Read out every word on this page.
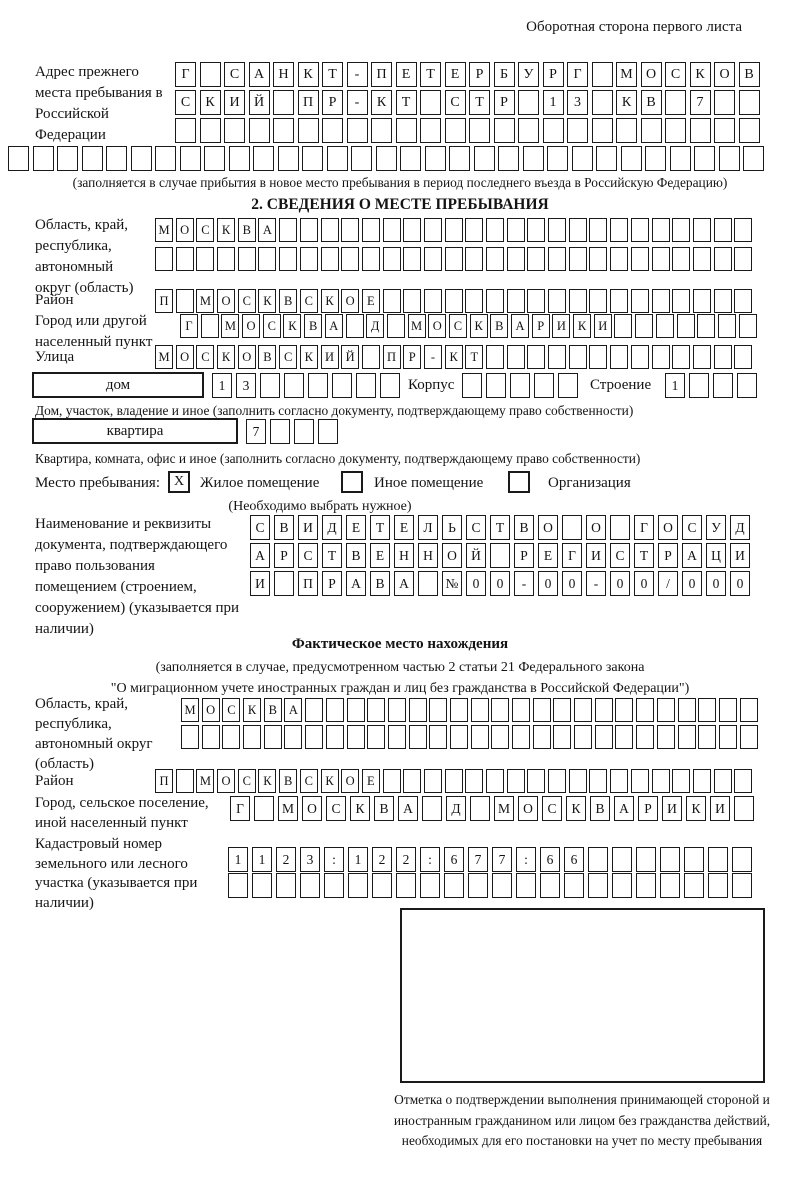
Оборотная сторона первого листа
Адрес прежнего места пребывания в Российской Федерации
Г	С	А	Н	К	Т	-	П	Е	Т	Е	Р	Б	У	Р	Г	М О	С	К	О	В
С	К	И	Й	П	Р	-	К	Т	С	Т	Р	1	3	К	В	7
(заполняется в случае прибытия в новое место пребывания в период последнего въезда в Российскую Федерацию)
2. СВЕДЕНИЯ О МЕСТЕ ПРЕБЫВАНИЯ
Область, край, республика, автономный округ (область)
М О С К В А
Район	П	М О С К В С К О Е
Город или другой населенный пункт
Г	М О С К В А	Д	М О С К В А	Р	И К И
Улица	М О С К О В С К И Й	П	Р	-	К	Т
дом	1	3	Корпус	Строение	1
Дом, участок, владение и иное (заполнить согласно документу, подтверждающему право собственности)
квартира	7
Квартира, комната, офис и иное (заполнить согласно документу, подтверждающему право собственности)
Место пребывания: X	Жилое помещение	Иное помещение	Организация
(Необходимо выбрать нужное)
Наименование и реквизиты документа, подтверждающего право пользования помещением (строением, сооружением) (указывается при наличии)
С	В	И	Д	Е	Т	Е	Л	Ь	С	Т	В	О	О	Г	О	С	У	Д
А	Р	С	Т	В	Е	Н	Н	О	Й	Р	Е	Г	И	С	Т	Р	А	Ц	И
И	П	Р	А	В	А	№	0	0	-	0	0	-	0	0	/	0	0	0
Фактическое место нахождения
(заполняется в случае, предусмотренном частью 2 статьи 21 Федерального закона
"О миграционном учете иностранных граждан и лиц без гражданства в Российской Федерации")
Область, край, республика, автономный округ (область)
М О С К В А
Район	П	М О С К В С К О Е
Город, сельское поселение, иной населенный пункт
Г	М О	С	К	В	А	Д	М О	С	К	В	А	Р	И	К	И
Кадастровый номер земельного или лесного участка (указывается при наличии)
1	1	2	3	:	1	2	2	:	6	7	7	:	6	6
Отметка о подтверждении выполнения принимающей стороной и иностранным гражданином или лицом без гражданства действий, необходимых для его постановки на учет по месту пребывания
